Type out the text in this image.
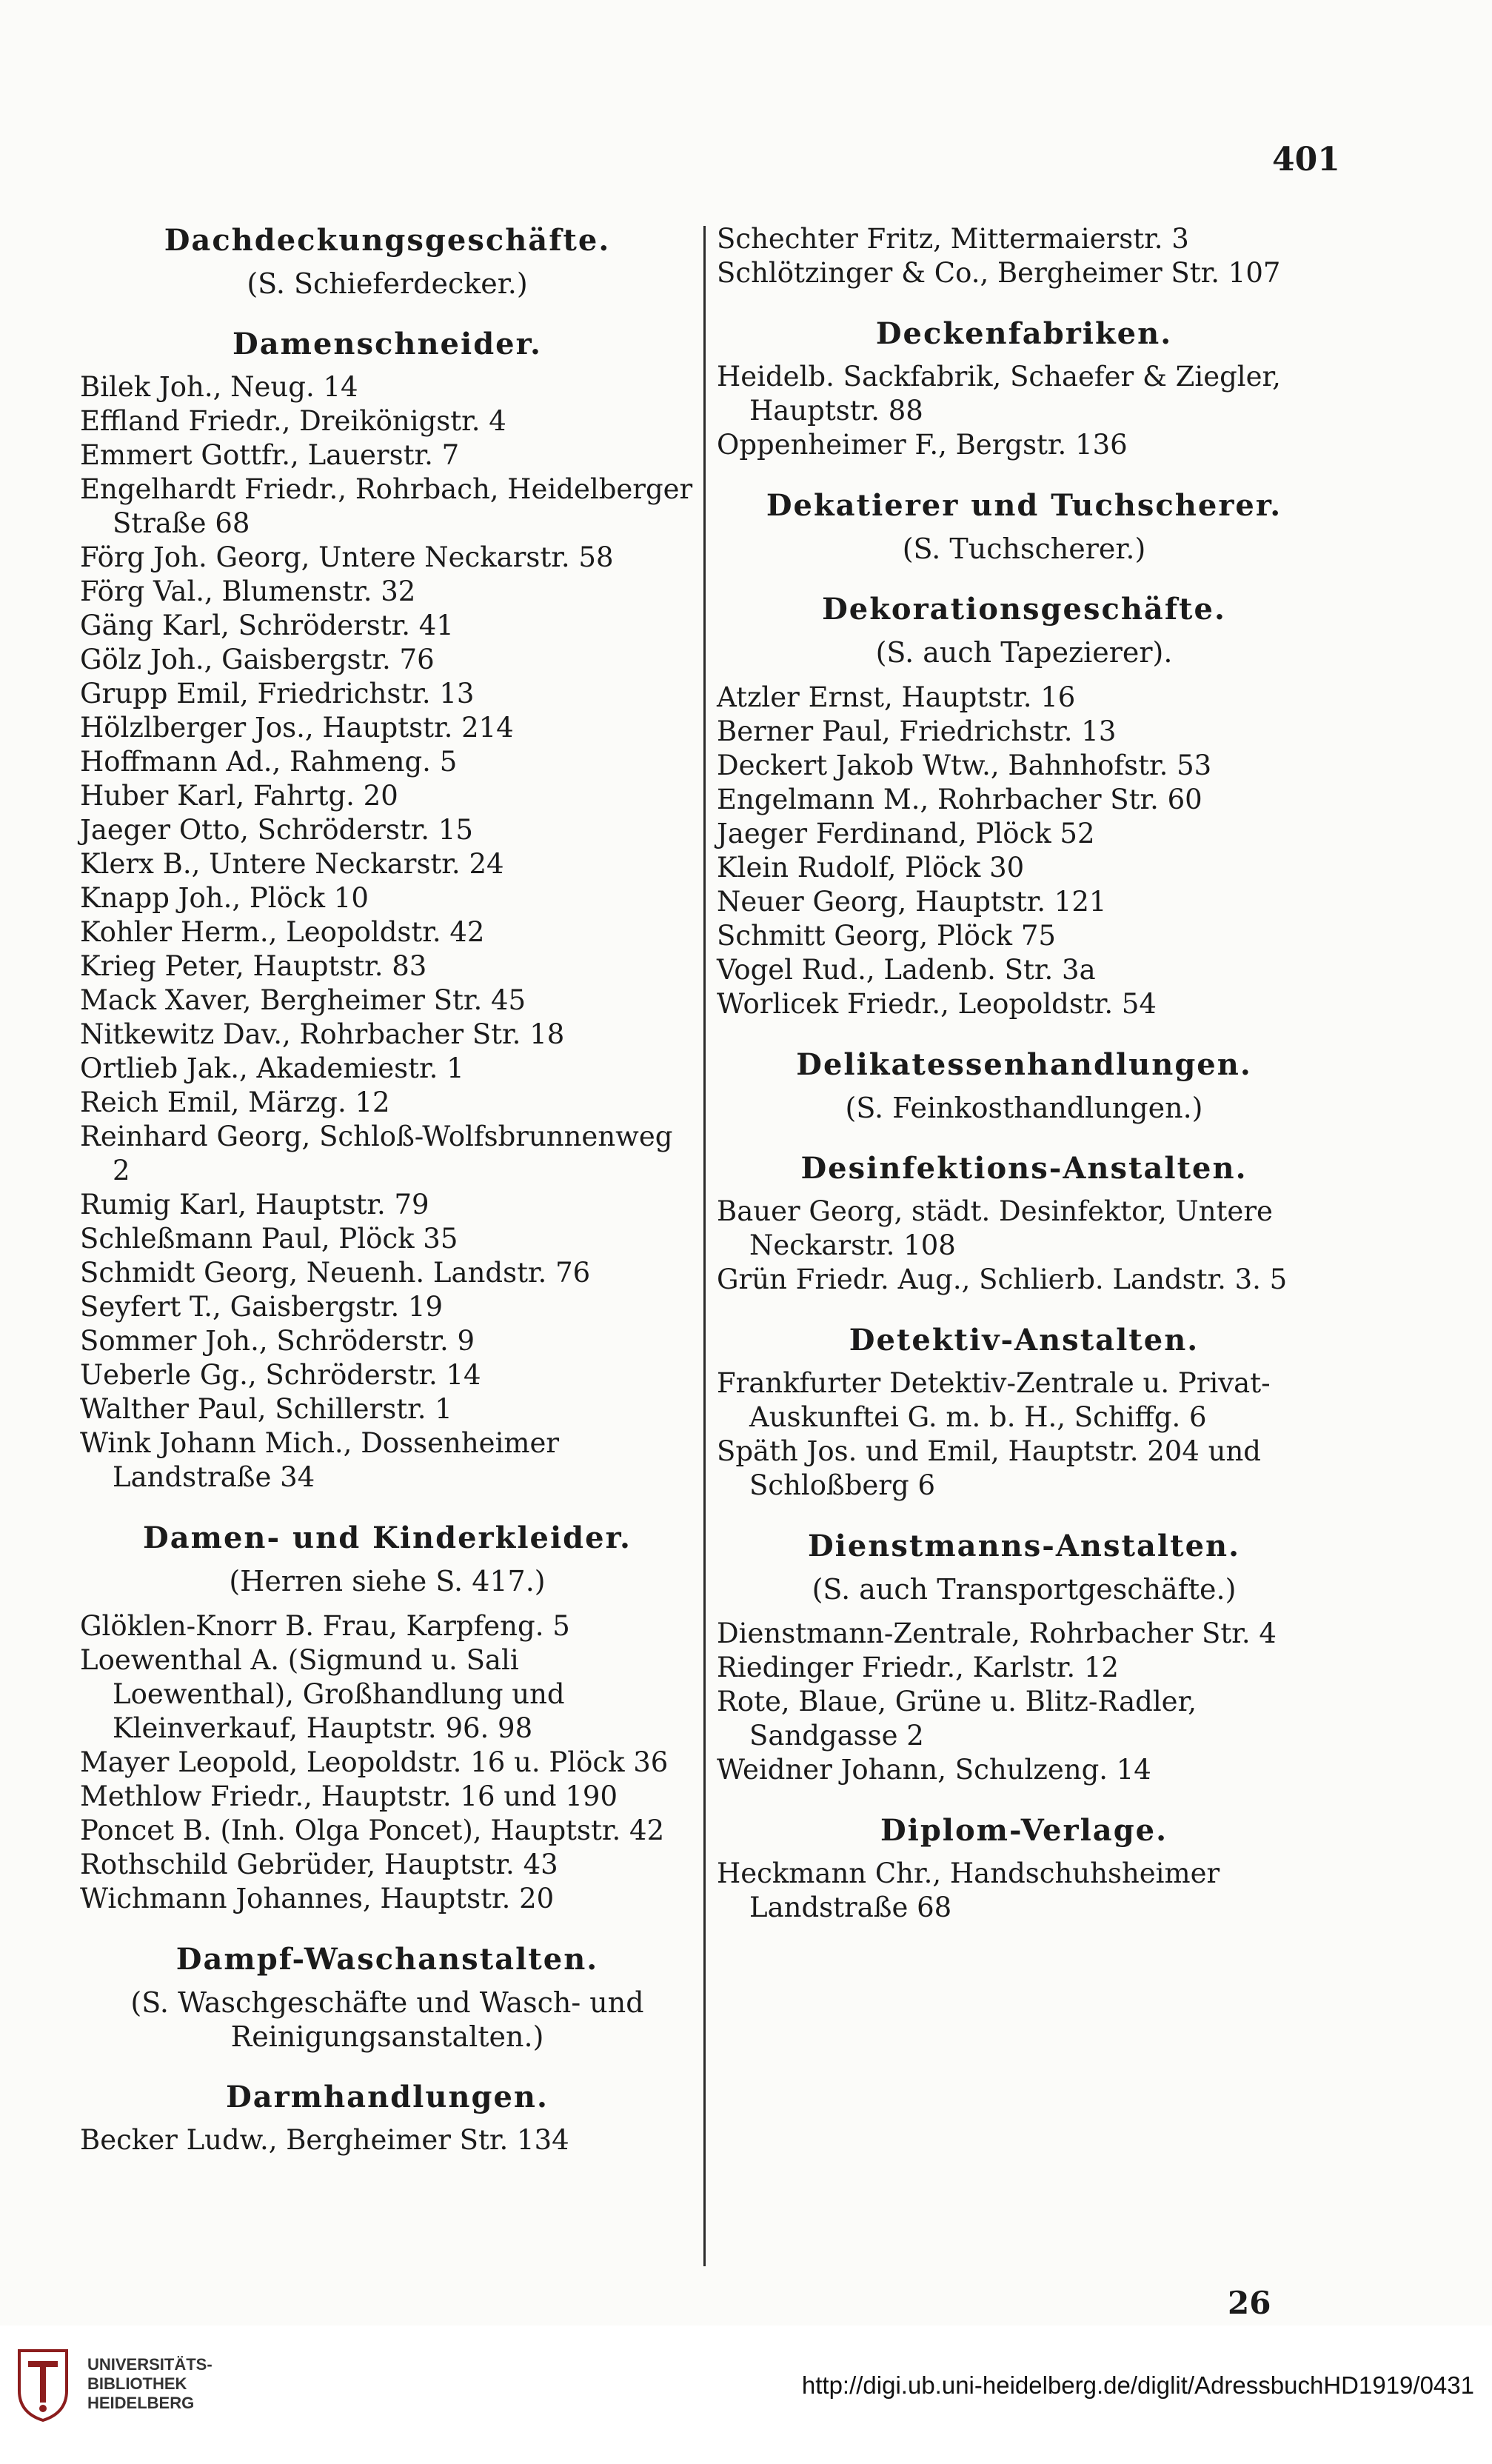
401
Dachdeckungsgeschäfte.
(S. Schieferdecker.)
Damenschneider.
Bilek Joh., Neug. 14
Effland Friedr., Dreikönigstr. 4
Emmert Gottfr., Lauerstr. 7
Engelhardt Friedr., Rohrbach, Heidelberger Straße 68
Förg Joh. Georg, Untere Neckarstr. 58
Förg Val., Blumenstr. 32
Gäng Karl, Schröderstr. 41
Gölz Joh., Gaisbergstr. 76
Grupp Emil, Friedrichstr. 13
Hölzlberger Jos., Hauptstr. 214
Hoffmann Ad., Rahmeng. 5
Huber Karl, Fahrtg. 20
Jaeger Otto, Schröderstr. 15
Klerx B., Untere Neckarstr. 24
Knapp Joh., Plöck 10
Kohler Herm., Leopoldstr. 42
Krieg Peter, Hauptstr. 83
Mack Xaver, Bergheimer Str. 45
Nitkewitz Dav., Rohrbacher Str. 18
Ortlieb Jak., Akademiestr. 1
Reich Emil, Märzg. 12
Reinhard Georg, Schloß-Wolfsbrunnenweg 2
Rumig Karl, Hauptstr. 79
Schleßmann Paul, Plöck 35
Schmidt Georg, Neuenh. Landstr. 76
Seyfert T., Gaisbergstr. 19
Sommer Joh., Schröderstr. 9
Ueberle Gg., Schröderstr. 14
Walther Paul, Schillerstr. 1
Wink Johann Mich., Dossenheimer Landstraße 34
Damen- und Kinderkleider.
(Herren siehe S. 417.)
Glöklen-Knorr B. Frau, Karpfeng. 5
Loewenthal A. (Sigmund u. Sali Loewenthal), Großhandlung und Kleinverkauf, Hauptstr. 96. 98
Mayer Leopold, Leopoldstr. 16 u. Plöck 36
Methlow Friedr., Hauptstr. 16 und 190
Poncet B. (Inh. Olga Poncet), Hauptstr. 42
Rothschild Gebrüder, Hauptstr. 43
Wichmann Johannes, Hauptstr. 20
Dampf-Waschanstalten.
(S. Waschgeschäfte und Wasch- und Reinigungsanstalten.)
Darmhandlungen.
Becker Ludw., Bergheimer Str. 134
Schechter Fritz, Mittermaierstr. 3
Schlötzinger & Co., Bergheimer Str. 107
Deckenfabriken.
Heidelb. Sackfabrik, Schaefer & Ziegler, Hauptstr. 88
Oppenheimer F., Bergstr. 136
Dekatierer und Tuchscherer.
(S. Tuchscherer.)
Dekorationsgeschäfte.
(S. auch Tapezierer).
Atzler Ernst, Hauptstr. 16
Berner Paul, Friedrichstr. 13
Deckert Jakob Wtw., Bahnhofstr. 53
Engelmann M., Rohrbacher Str. 60
Jaeger Ferdinand, Plöck 52
Klein Rudolf, Plöck 30
Neuer Georg, Hauptstr. 121
Schmitt Georg, Plöck 75
Vogel Rud., Ladenb. Str. 3a
Worlicek Friedr., Leopoldstr. 54
Delikatessenhandlungen.
(S. Feinkosthandlungen.)
Desinfektions-Anstalten.
Bauer Georg, städt. Desinfektor, Untere Neckarstr. 108
Grün Friedr. Aug., Schlierb. Landstr. 3. 5
Detektiv-Anstalten.
Frankfurter Detektiv-Zentrale u. Privat-Auskunftei G. m. b. H., Schiffg. 6
Späth Jos. und Emil, Hauptstr. 204 und Schloßberg 6
Dienstmanns-Anstalten.
(S. auch Transportgeschäfte.)
Dienstmann-Zentrale, Rohrbacher Str. 4
Riedinger Friedr., Karlstr. 12
Rote, Blaue, Grüne u. Blitz-Radler, Sandgasse 2
Weidner Johann, Schulzeng. 14
Diplom-Verlage.
Heckmann Chr., Handschuhsheimer Landstraße 68
26
UNIVERSITÄTS-
BIBLIOTHEK
HEIDELBERG
http://digi.ub.uni-heidelberg.de/diglit/AdressbuchHD1919/0431
